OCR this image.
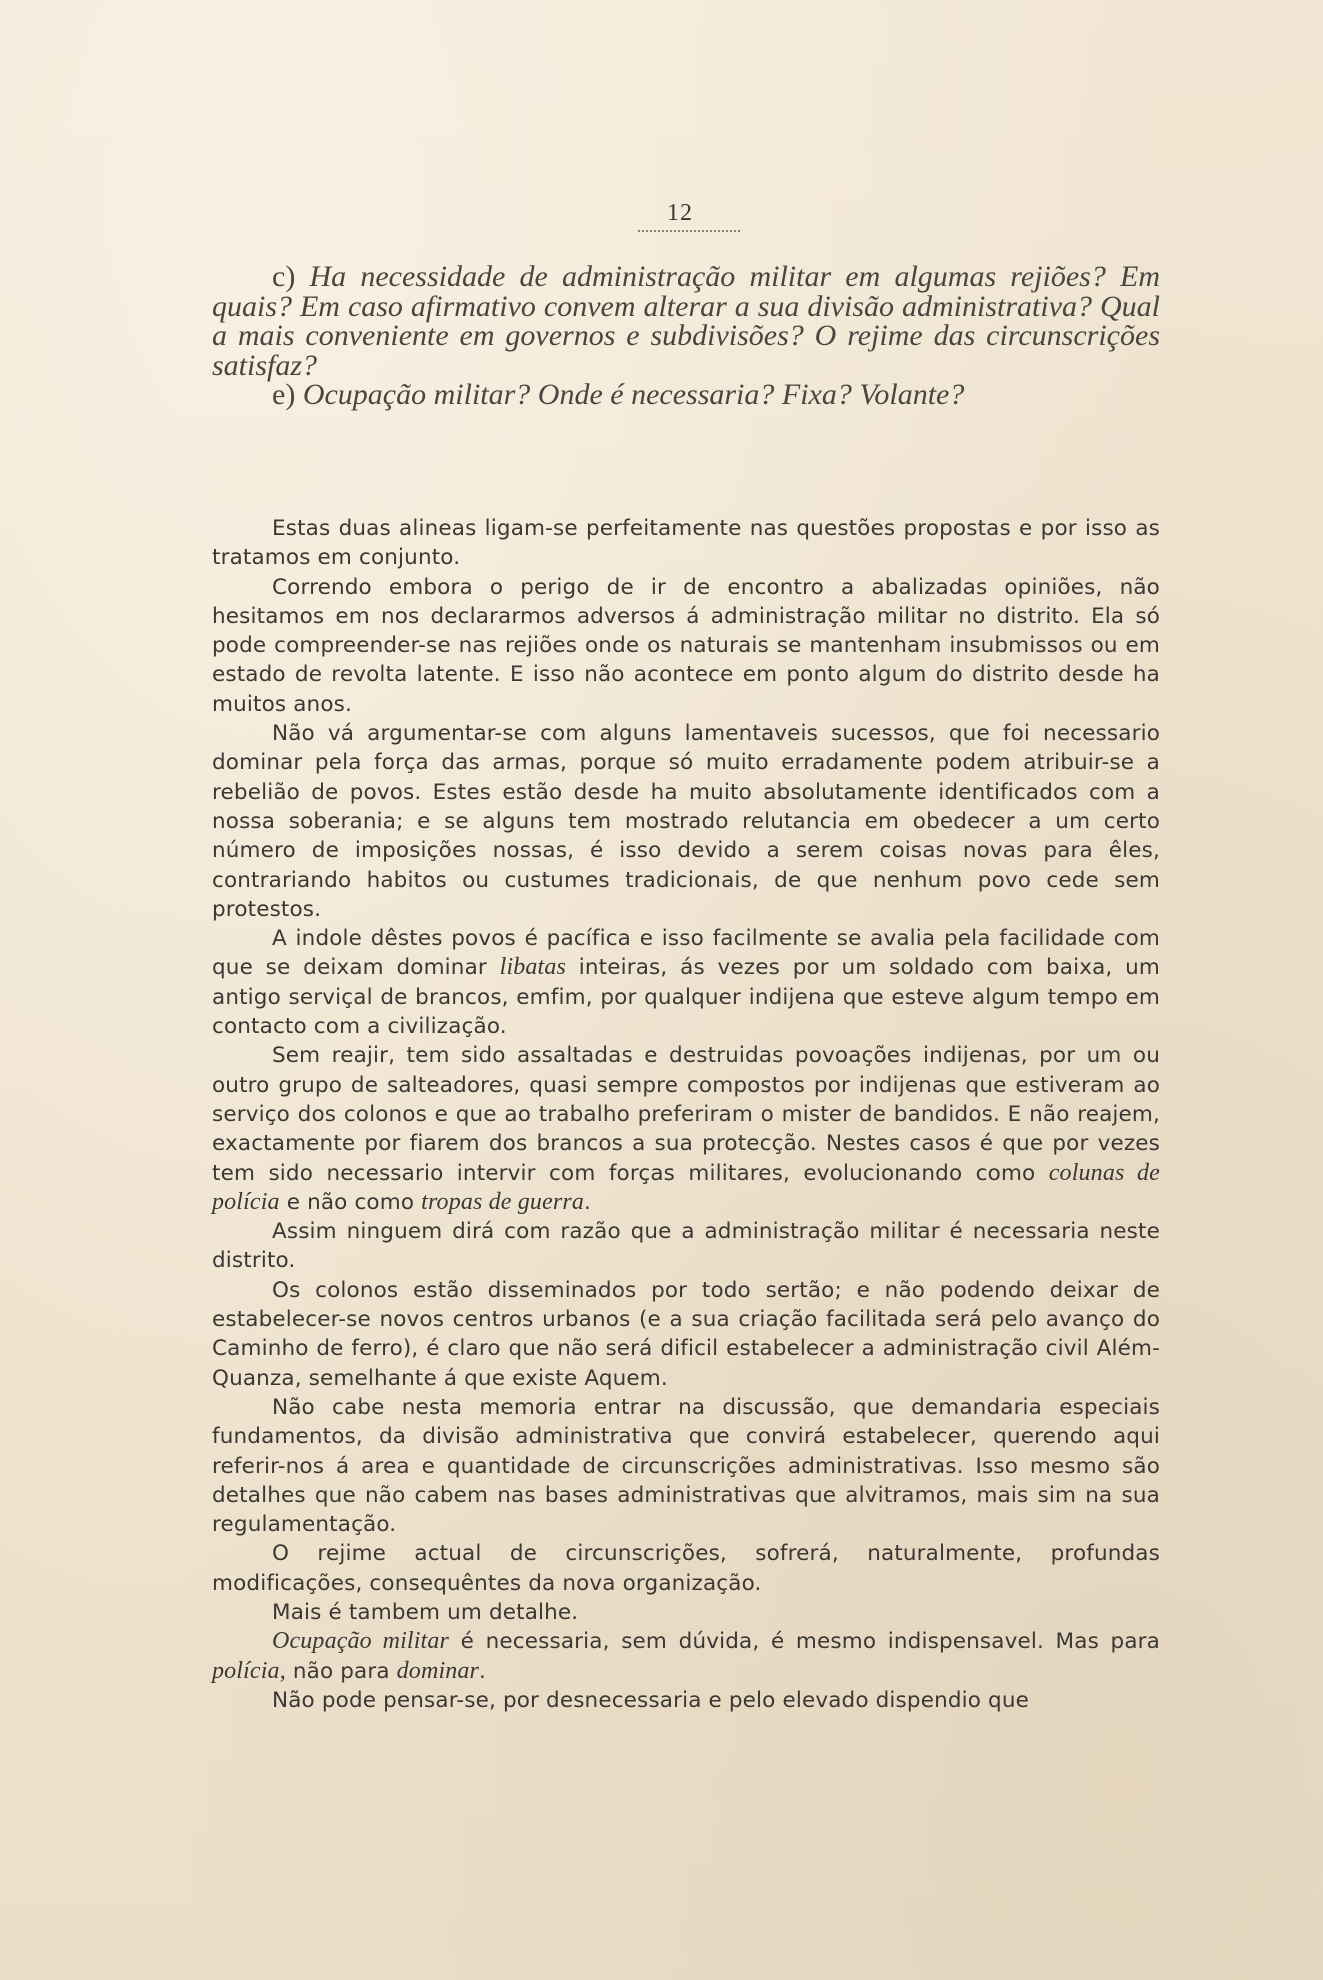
12

c) Ha necessidade de administração militar em algumas rejiões? Em quais? Em caso afirmativo convem alterar a sua divisão administrativa? Qual a mais conveniente em governos e subdivisões? O rejime das circunscrições satisfaz?

e) Ocupação militar? Onde é necessaria? Fixa? Volante?

Estas duas alineas ligam-se perfeitamente nas questões propostas e por isso as tratamos em conjunto.

Correndo embora o perigo de ir de encontro a abalizadas opiniões, não hesitamos em nos declararmos adversos á administração militar no distrito. Ela só pode compreender-se nas rejiões onde os naturais se mantenham insubmissos ou em estado de revolta latente. E isso não acontece em ponto algum do distrito desde ha muitos anos.

Não vá argumentar-se com alguns lamentaveis sucessos, que foi necessario dominar pela força das armas, porque só muito erradamente podem atribuir-se a rebelião de povos. Estes estão desde ha muito absolutamente identificados com a nossa soberania; e se alguns tem mostrado relutancia em obedecer a um certo número de imposições nossas, é isso devido a serem coisas novas para êles, contrariando habitos ou custumes tradicionais, de que nenhum povo cede sem protestos.

A indole dêstes povos é pacífica e isso facilmente se avalia pela facilidade com que se deixam dominar libatas inteiras, ás vezes por um soldado com baixa, um antigo serviçal de brancos, emfim, por qualquer indijena que esteve algum tempo em contacto com a civilização.

Sem reajir, tem sido assaltadas e destruidas povoações indijenas, por um ou outro grupo de salteadores, quasi sempre compostos por indijenas que estiveram ao serviço dos colonos e que ao trabalho preferiram o mister de bandidos. E não reajem, exactamente por fiarem dos brancos a sua protecção. Nestes casos é que por vezes tem sido necessario intervir com forças militares, evolucionando como colunas de polícia e não como tropas de guerra.

Assim ninguem dirá com razão que a administração militar é necessaria neste distrito.

Os colonos estão disseminados por todo sertão; e não podendo deixar de estabelecer-se novos centros urbanos (e a sua criação facilitada será pelo avanço do Caminho de ferro), é claro que não será dificil estabelecer a administração civil Além-Quanza, semelhante á que existe Aquem.

Não cabe nesta memoria entrar na discussão, que demandaria especiais fundamentos, da divisão administrativa que convirá estabelecer, querendo aqui referir-nos á area e quantidade de circunscrições administrativas. Isso mesmo são detalhes que não cabem nas bases administrativas que alvitramos, mais sim na sua regulamentação.

O rejime actual de circunscrições, sofrerá, naturalmente, profundas modificações, consequêntes da nova organização.

Mais é tambem um detalhe.

Ocupação militar é necessaria, sem dúvida, é mesmo indispensavel. Mas para polícia, não para dominar.

Não pode pensar-se, por desnecessaria e pelo elevado dispendio que
